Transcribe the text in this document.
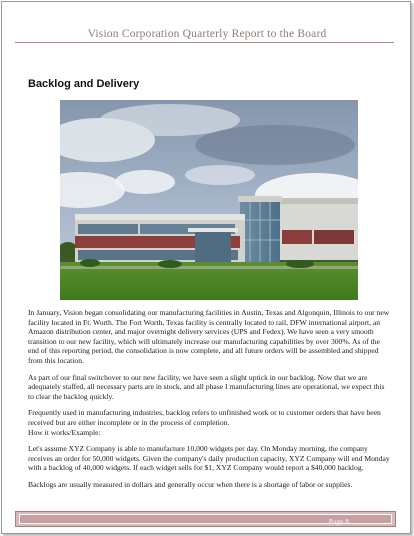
Vision Corporation Quarterly Report to the Board
Backlog and Delivery

In January, Vision began consolidating our manufacturing facilities in Austin, Texas and Algonquin, Illinois to our new facility located in Ft. Worth. The Fort Worth, Texas facility is centrally located to rail, DFW international airport, an Amazon distribution center, and major overnight delivery services (UPS and Fedex). We have seen a very smooth transition to our new facility, which will ultimately increase our manufacturing capabilities by over 300%. As of the end of this reporting period, the consolidation is now complete, and all future orders will be assembled and shipped from this location.

As part of our final switchover to our new facility, we have seen a slight uptick in our backlog. Now that we are adequately staffed, all necessary parts are in stock, and all phase I manufacturing lines are operational, we expect this to clear the backlog quickly.

Frequently used in manufacturing industries, backlog refers to unfinished work or to customer orders that have been received but are either incomplete or in the process of completion.

How it works/Example:

Let's assume XYZ Company is able to manufacture 10,000 widgets per day. On Monday morning, the company receives an order for 50,000 widgets. Given the company's daily production capacity, XYZ Company will end Monday with a backlog of 40,000 widgets. If each widget sells for $1, XYZ Company would report a $40,000 backlog.

Backlogs are usually measured in dollars and generally occur when there is a shortage of labor or supplies.

Page 8
